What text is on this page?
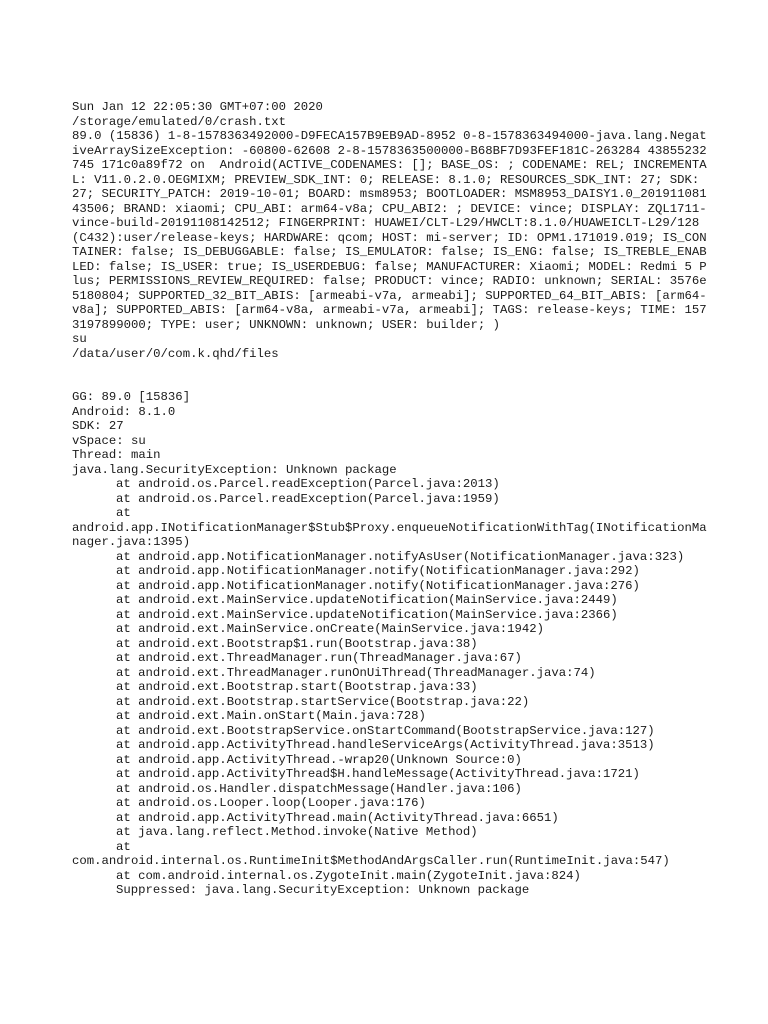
Sun Jan 12 22:05:30 GMT+07:00 2020
/storage/emulated/0/crash.txt
89.0 (15836) 1-8-1578363492000-D9FECA157B9EB9AD-8952 0-8-1578363494000-java.lang.NegativeArraySizeException: -60800-62608 2-8-1578363500000-B68BF7D93FEF181C-263284 43855232 745 171c0a89f72 on  Android(ACTIVE_CODENAMES: []; BASE_OS: ; CODENAME: REL; INCREMENTAL: V11.0.2.0.OEGMIXM; PREVIEW_SDK_INT: 0; RELEASE: 8.1.0; RESOURCES_SDK_INT: 27; SDK: 27; SECURITY_PATCH: 2019-10-01; BOARD: msm8953; BOOTLOADER: MSM8953_DAISY1.0_20191108143506; BRAND: xiaomi; CPU_ABI: arm64-v8a; CPU_ABI2: ; DEVICE: vince; DISPLAY: ZQL1711-vince-build-20191108142512; FINGERPRINT: HUAWEI/CLT-L29/HWCLT:8.1.0/HUAWEICLT-L29/128(C432):user/release-keys; HARDWARE: qcom; HOST: mi-server; ID: OPM1.171019.019; IS_CONTAINER: false; IS_DEBUGGABLE: false; IS_EMULATOR: false; IS_ENG: false; IS_TREBLE_ENABLED: false; IS_USER: true; IS_USERDEBUG: false; MANUFACTURER: Xiaomi; MODEL: Redmi 5 Plus; PERMISSIONS_REVIEW_REQUIRED: false; PRODUCT: vince; RADIO: unknown; SERIAL: 3576e5180804; SUPPORTED_32_BIT_ABIS: [armeabi-v7a, armeabi]; SUPPORTED_64_BIT_ABIS: [arm64-v8a]; SUPPORTED_ABIS: [arm64-v8a, armeabi-v7a, armeabi]; TAGS: release-keys; TIME: 1573197899000; TYPE: user; UNKNOWN: unknown; USER: builder; )
su
/data/user/0/com.k.qhd/files
GG: 89.0 [15836]
Android: 8.1.0
SDK: 27
vSpace: su
Thread: main
java.lang.SecurityException: Unknown package
at android.os.Parcel.readException(Parcel.java:2013)
at android.os.Parcel.readException(Parcel.java:1959)
at
android.app.INotificationManager$Stub$Proxy.enqueueNotificationWithTag(INotificationManager.java:1395)
at android.app.NotificationManager.notifyAsUser(NotificationManager.java:323)
at android.app.NotificationManager.notify(NotificationManager.java:292)
at android.app.NotificationManager.notify(NotificationManager.java:276)
at android.ext.MainService.updateNotification(MainService.java:2449)
at android.ext.MainService.updateNotification(MainService.java:2366)
at android.ext.MainService.onCreate(MainService.java:1942)
at android.ext.Bootstrap$1.run(Bootstrap.java:38)
at android.ext.ThreadManager.run(ThreadManager.java:67)
at android.ext.ThreadManager.runOnUiThread(ThreadManager.java:74)
at android.ext.Bootstrap.start(Bootstrap.java:33)
at android.ext.Bootstrap.startService(Bootstrap.java:22)
at android.ext.Main.onStart(Main.java:728)
at android.ext.BootstrapService.onStartCommand(BootstrapService.java:127)
at android.app.ActivityThread.handleServiceArgs(ActivityThread.java:3513)
at android.app.ActivityThread.-wrap20(Unknown Source:0)
at android.app.ActivityThread$H.handleMessage(ActivityThread.java:1721)
at android.os.Handler.dispatchMessage(Handler.java:106)
at android.os.Looper.loop(Looper.java:176)
at android.app.ActivityThread.main(ActivityThread.java:6651)
at java.lang.reflect.Method.invoke(Native Method)
at
com.android.internal.os.RuntimeInit$MethodAndArgsCaller.run(RuntimeInit.java:547)
at com.android.internal.os.ZygoteInit.main(ZygoteInit.java:824)
Suppressed: java.lang.SecurityException: Unknown package
